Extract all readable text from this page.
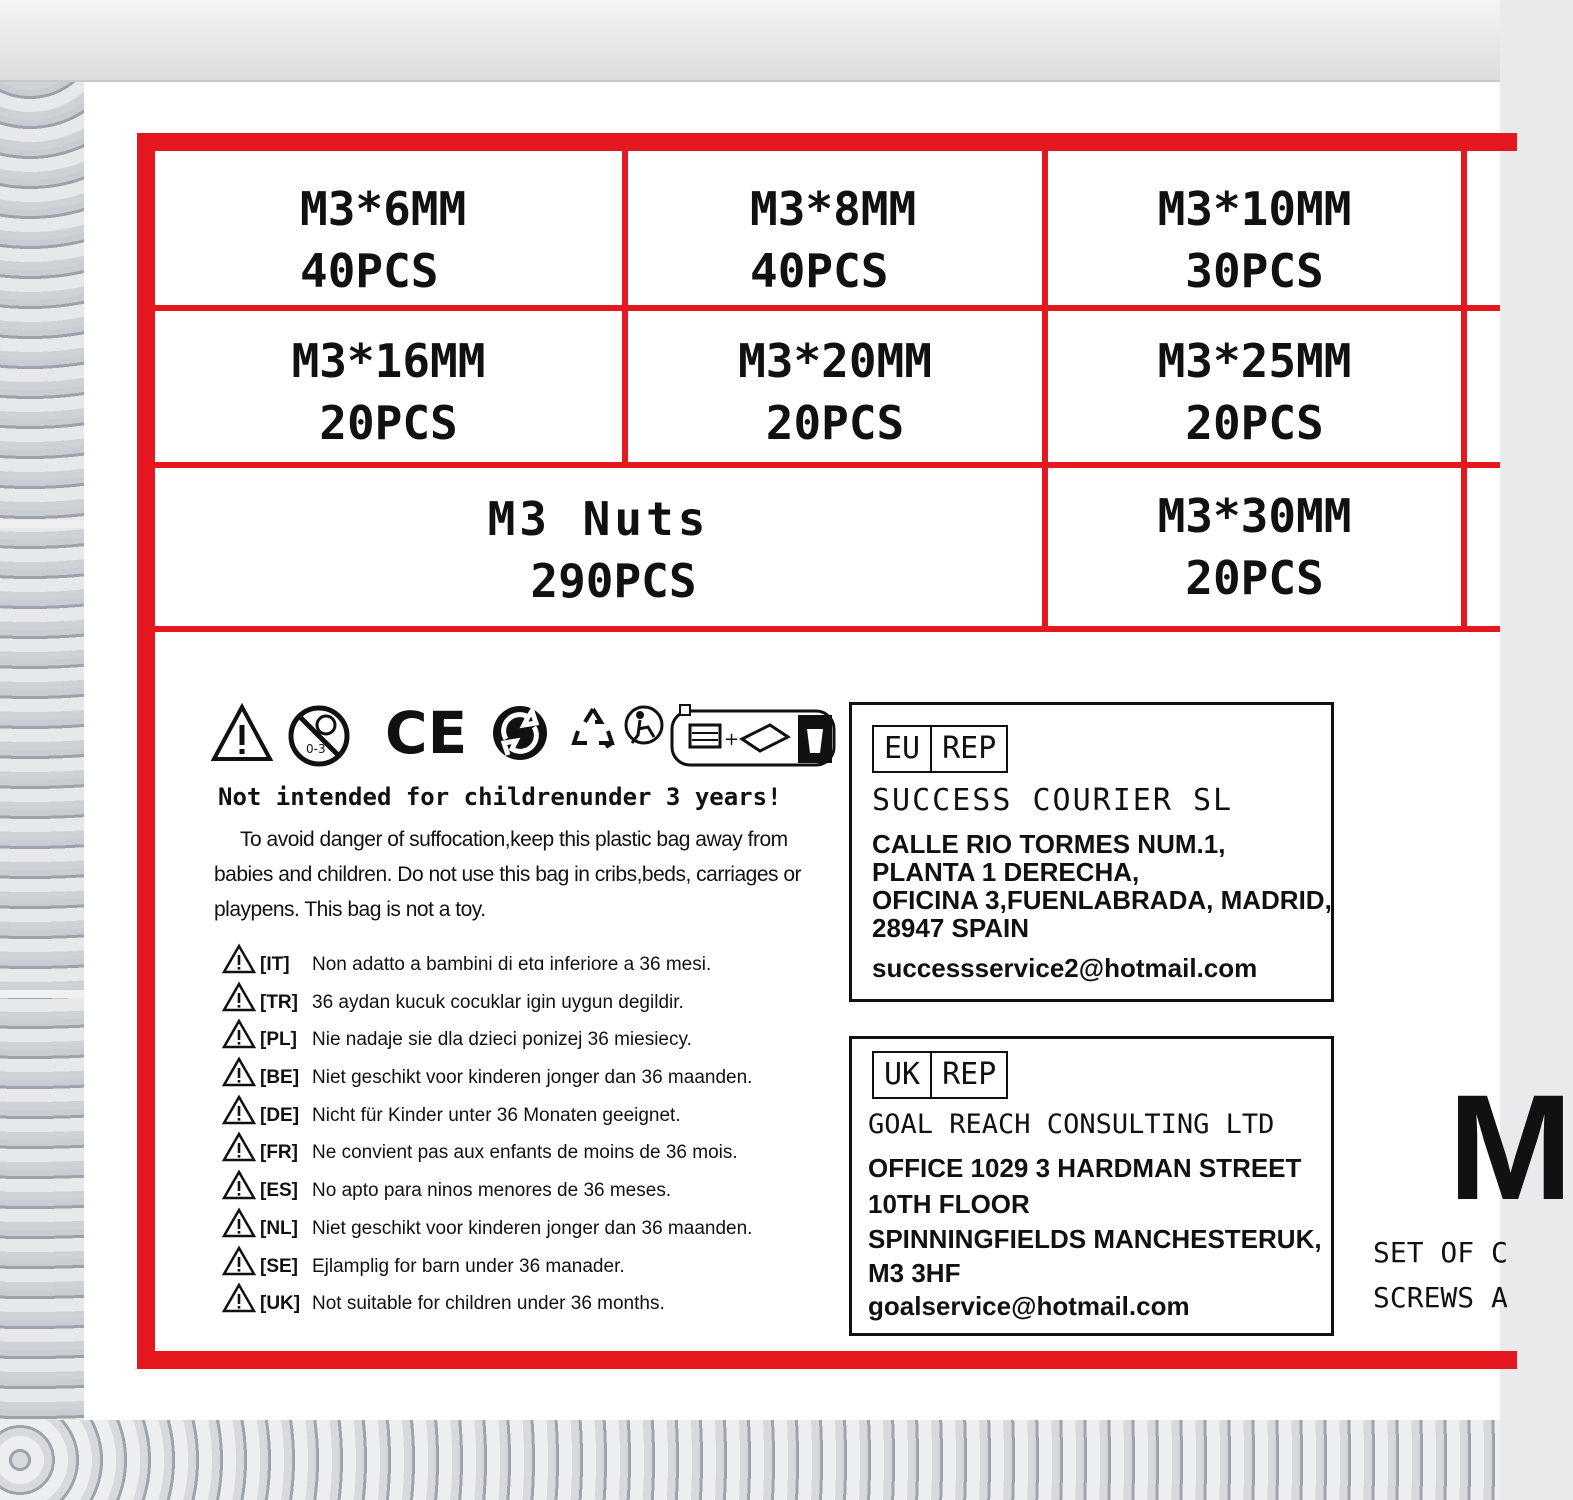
M3*6MM
40PCS
M3*8MM
40PCS
M3*10MM
30PCS
M3*16MM
20PCS
M3*20MM
20PCS
M3*25MM
20PCS
M3 Nuts
290PCS
M3*30MM
20PCS
0-3 CE	+
Not intended for childrenunder 3 years!
To avoid danger of suffocation,keep this plastic bag away from
babies and children. Do not use this bag in cribs,beds, carriages or
playpens. This bag is not a toy.
[IT] Non adatto a bambini di etɑ inferiore a 36 mesi.
[TR] 36 aydan kucuk cocuklar igin uygun degildir.
[PL] Nie nadaje sie dla dzieci ponizej 36 miesiecy.
[BE] Niet geschikt voor kinderen jonger dan 36 maanden.
[DE] Nicht für Kinder unter 36 Monaten geeignet.
[FR] Ne convient pas aux enfants de moins de 36 mois.
[ES] No apto para ninos menores de 36 meses.
[NL] Niet geschikt voor kinderen jonger dan 36 maanden.
[SE] Ejlamplig for barn under 36 manader.
[UK] Not suitable for children under 36 months.
EU REP
SUCCESS COURIER SL
CALLE RIO TORMES NUM.1,
PLANTA 1 DERECHA,
OFICINA 3,FUENLABRADA, MADRID,
28947 SPAIN
successservice2@hotmail.com
UK REP
GOAL REACH CONSULTING LTD
OFFICE 1029 3 HARDMAN STREET
10TH FLOOR
SPINNINGFIELDS MANCHESTERUK,
M3 3HF
goalservice@hotmail.com
M
SET OF C
SCREWS A
